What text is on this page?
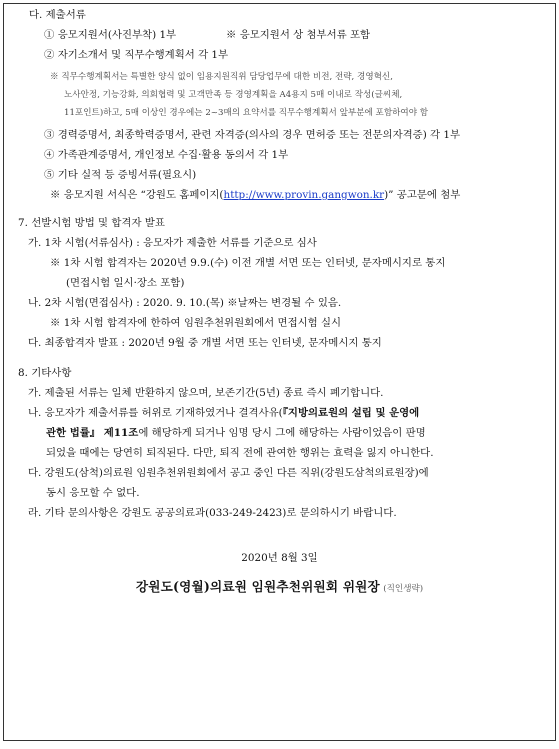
다. 제출서류
① 응모지원서(사진부착) 1부	※ 응모지원서 상 첨부서류 포함
② 자기소개서 및 직무수행계획서 각 1부
※ 직무수행계획서는 특별한 양식 없이 임용지원직위 담당업무에 대한 비전, 전략, 경영혁신,
노사안정, 기능강화, 의회협력 및 고객만족 등 경영계획을 A4용지 5매 이내로 작성(글씨체,
11포인트)하고, 5매 이상인 경우에는 2~3매의 요약서를 직무수행계획서 앞부분에 포함하여야 함
③ 경력증명서, 최종학력증명서, 관련 자격증(의사의 경우 면허증 또는 전문의자격증) 각 1부
④ 가족관계증명서, 개인정보 수집·활용 동의서 각 1부
⑤ 기타 실적 등 증빙서류(필요시)
※ 응모지원 서식은 “강원도 홈페이지(http://www.provin.gangwon.kr)” 공고문에 첨부
7. 선발시험 방법 및 합격자 발표
가. 1차 시험(서류심사) : 응모자가 제출한 서류를 기준으로 심사
※ 1차 시험 합격자는 2020년 9.9.(수) 이전 개별 서면 또는 인터넷, 문자메시지로 통지
(면접시험 일시·장소 포함)
나. 2차 시험(면접심사) : 2020. 9. 10.(목) ※날짜는 변경될 수 있음.
※ 1차 시험 합격자에 한하여 임원추천위원회에서 면접시험 실시
다. 최종합격자 발표 : 2020년 9월 중 개별 서면 또는 인터넷, 문자메시지 통지
8. 기타사항
가. 제출된 서류는 일체 반환하지 않으며, 보존기간(5년) 종료 즉시 폐기합니다.
나. 응모자가 제출서류를 허위로 기재하였거나 결격사유(『지방의료원의 설립 및 운영에
관한 법률』 제11조에 해당하게 되거나 임명 당시 그에 해당하는 사람이었음이 판명
되었을 때에는 당연히 퇴직된다. 다만, 퇴직 전에 관여한 행위는 효력을 잃지 아니한다.
다. 강원도(삼척)의료원 임원추천위원회에서 공고 중인 다른 직위(강원도삼척의료원장)에
동시 응모할 수 없다.
라. 기타 문의사항은 강원도 공공의료과(033-249-2423)로 문의하시기 바랍니다.
2020년 8월 3일
강원도(영월)의료원 임원추천위원회 위원장 (직인생략)
